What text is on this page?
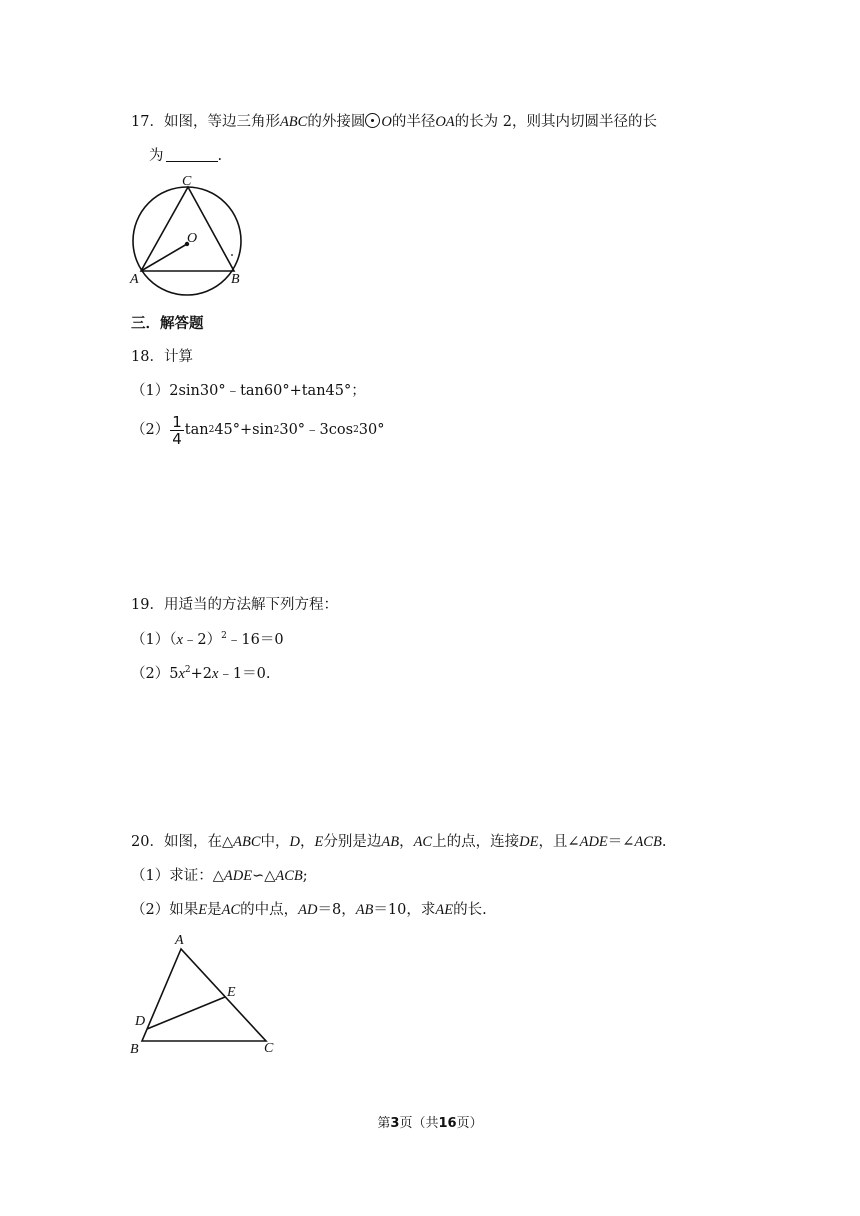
17．如图，等边三角形ABC的外接圆 O的半径OA的长为 2，则其内切圆半径的长
为	.
C
O
A	B
三．解答题
18．计算
（1）2sin30°﹣tan60°+tan45°；
$(2) \frac{1}{4}$ tan 2 45°+sin 2 30°﹣3cos 2 30°
19．用适当的方法解下列方程：
（1）（x﹣2）$^2$﹣16＝0
$(2)5x^2+2x﹣1=0$.
20．如图，在△ABC中，D，E分别是边AB，AC上的点，连接DE，且∠ADE＝∠ACB.
（1）求证：△ADE∽△ACB;
（2）如果E是AC的中点，AD＝8，AB＝10，求AE的长.
A
E
D
B	C
第3页（共16页）
